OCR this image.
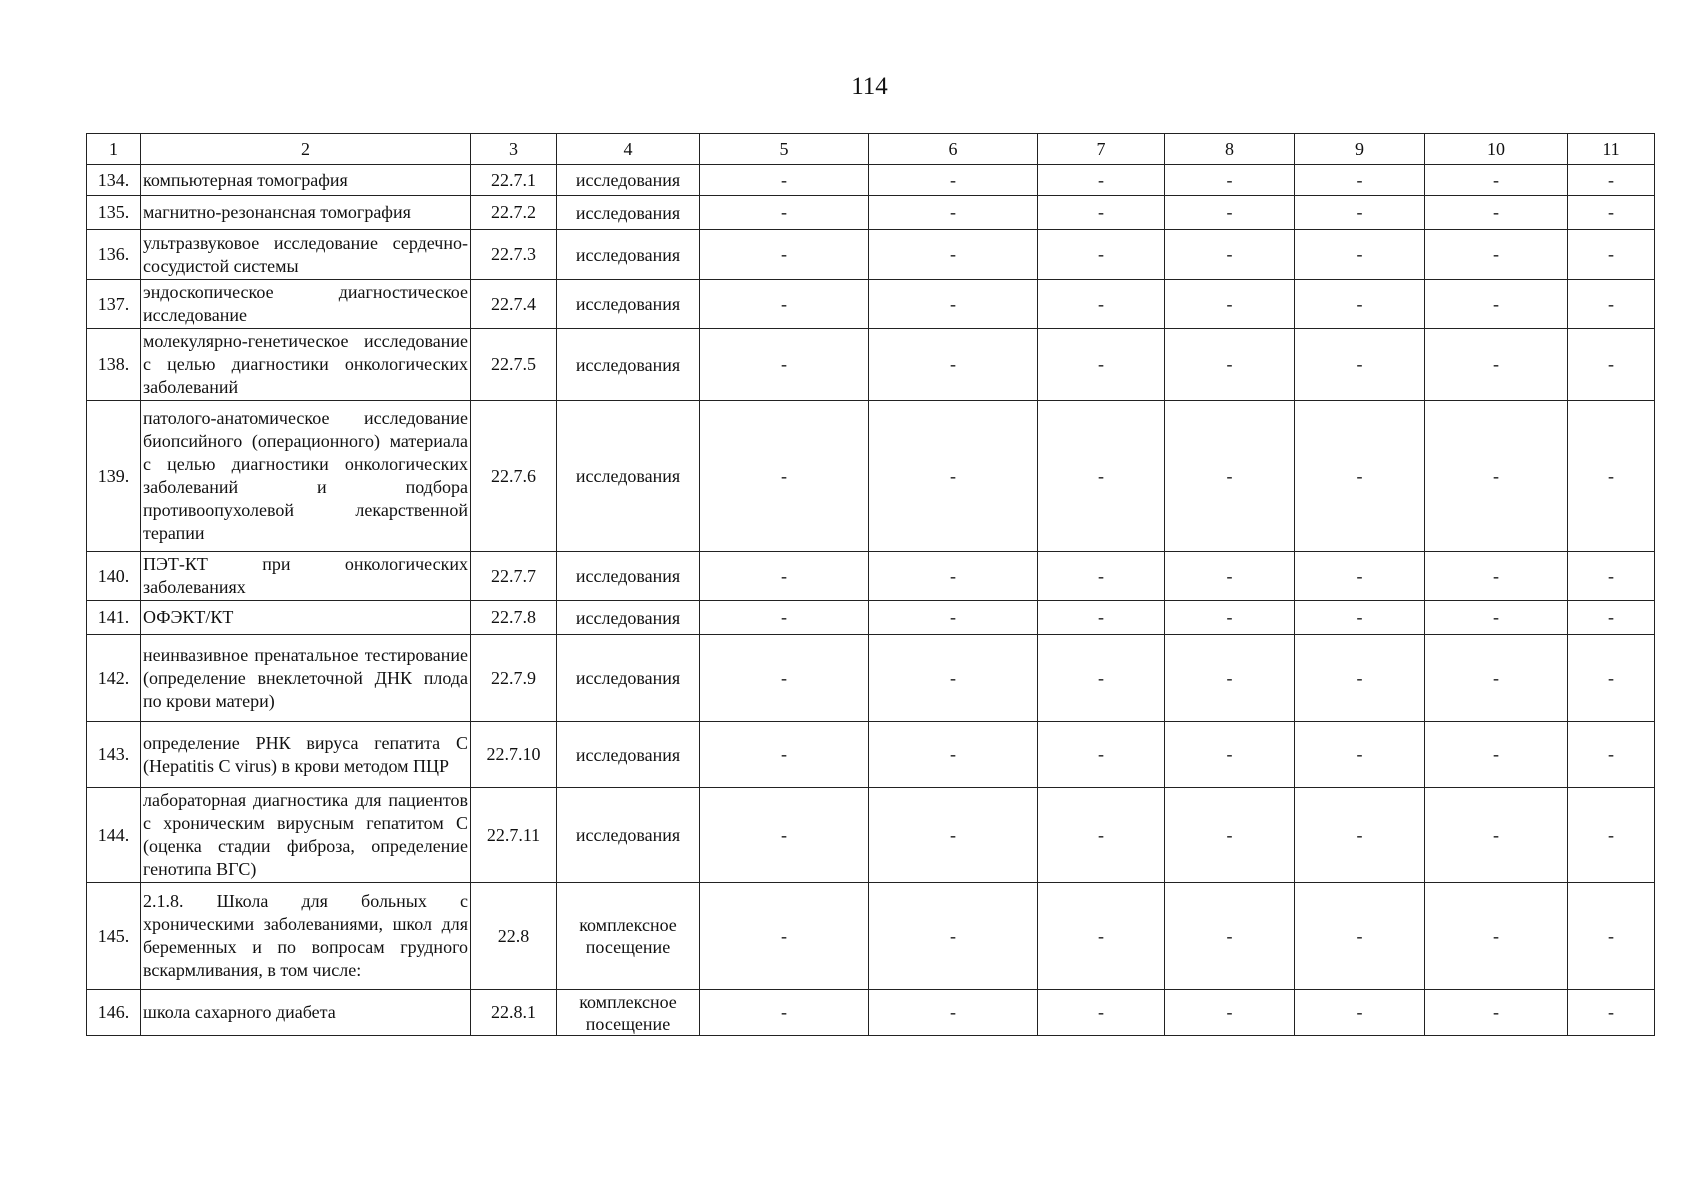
114
1	2	3	4	5	6	7	8	9	10	11
134.	компьютерная томография	22.7.1	исследования	-	-	-	-	-	-	-
135.	магнитно-резонансная томография	22.7.2	исследования	-	-	-	-	-	-	-
136.	ультразвуковое исследование сердечно-сосудистой системы	22.7.3	исследования	-	-	-	-	-	-	-
137.	эндоскопическое диагностическое исследование	22.7.4	исследования	-	-	-	-	-	-	-
138.	молекулярно-генетическое исследование с целью диагностики онкологических заболеваний	22.7.5	исследования	-	-	-	-	-	-	-
139.	патолого-анатомическое исследование биопсийного (операционного) материала с целью диагностики онкологических заболеваний и подбора противоопухолевой лекарственной терапии	22.7.6	исследования	-	-	-	-	-	-	-
140.	ПЭТ-КТ при онкологических заболеваниях	22.7.7	исследования	-	-	-	-	-	-	-
141.	ОФЭКТ/КТ	22.7.8	исследования	-	-	-	-	-	-	-
142.	неинвазивное пренатальное тестирование (определение внеклеточной ДНК плода по крови матери)	22.7.9	исследования	-	-	-	-	-	-	-
143.	определение РНК вируса гепатита С (Hepatitis C virus) в крови методом ПЦР	22.7.10	исследования	-	-	-	-	-	-	-
144.	лабораторная диагностика для пациентов с хроническим вирусным гепатитом С (оценка стадии фиброза, определение генотипа ВГС)	22.7.11	исследования	-	-	-	-	-	-	-
145.	2.1.8. Школа для больных с хроническими заболеваниями, школ для беременных и по вопросам грудного вскармливания, в том числе:	22.8	комплексное посещение	-	-	-	-	-	-	-
146.	школа сахарного диабета	22.8.1	комплексное посещение	-	-	-	-	-	-	-
